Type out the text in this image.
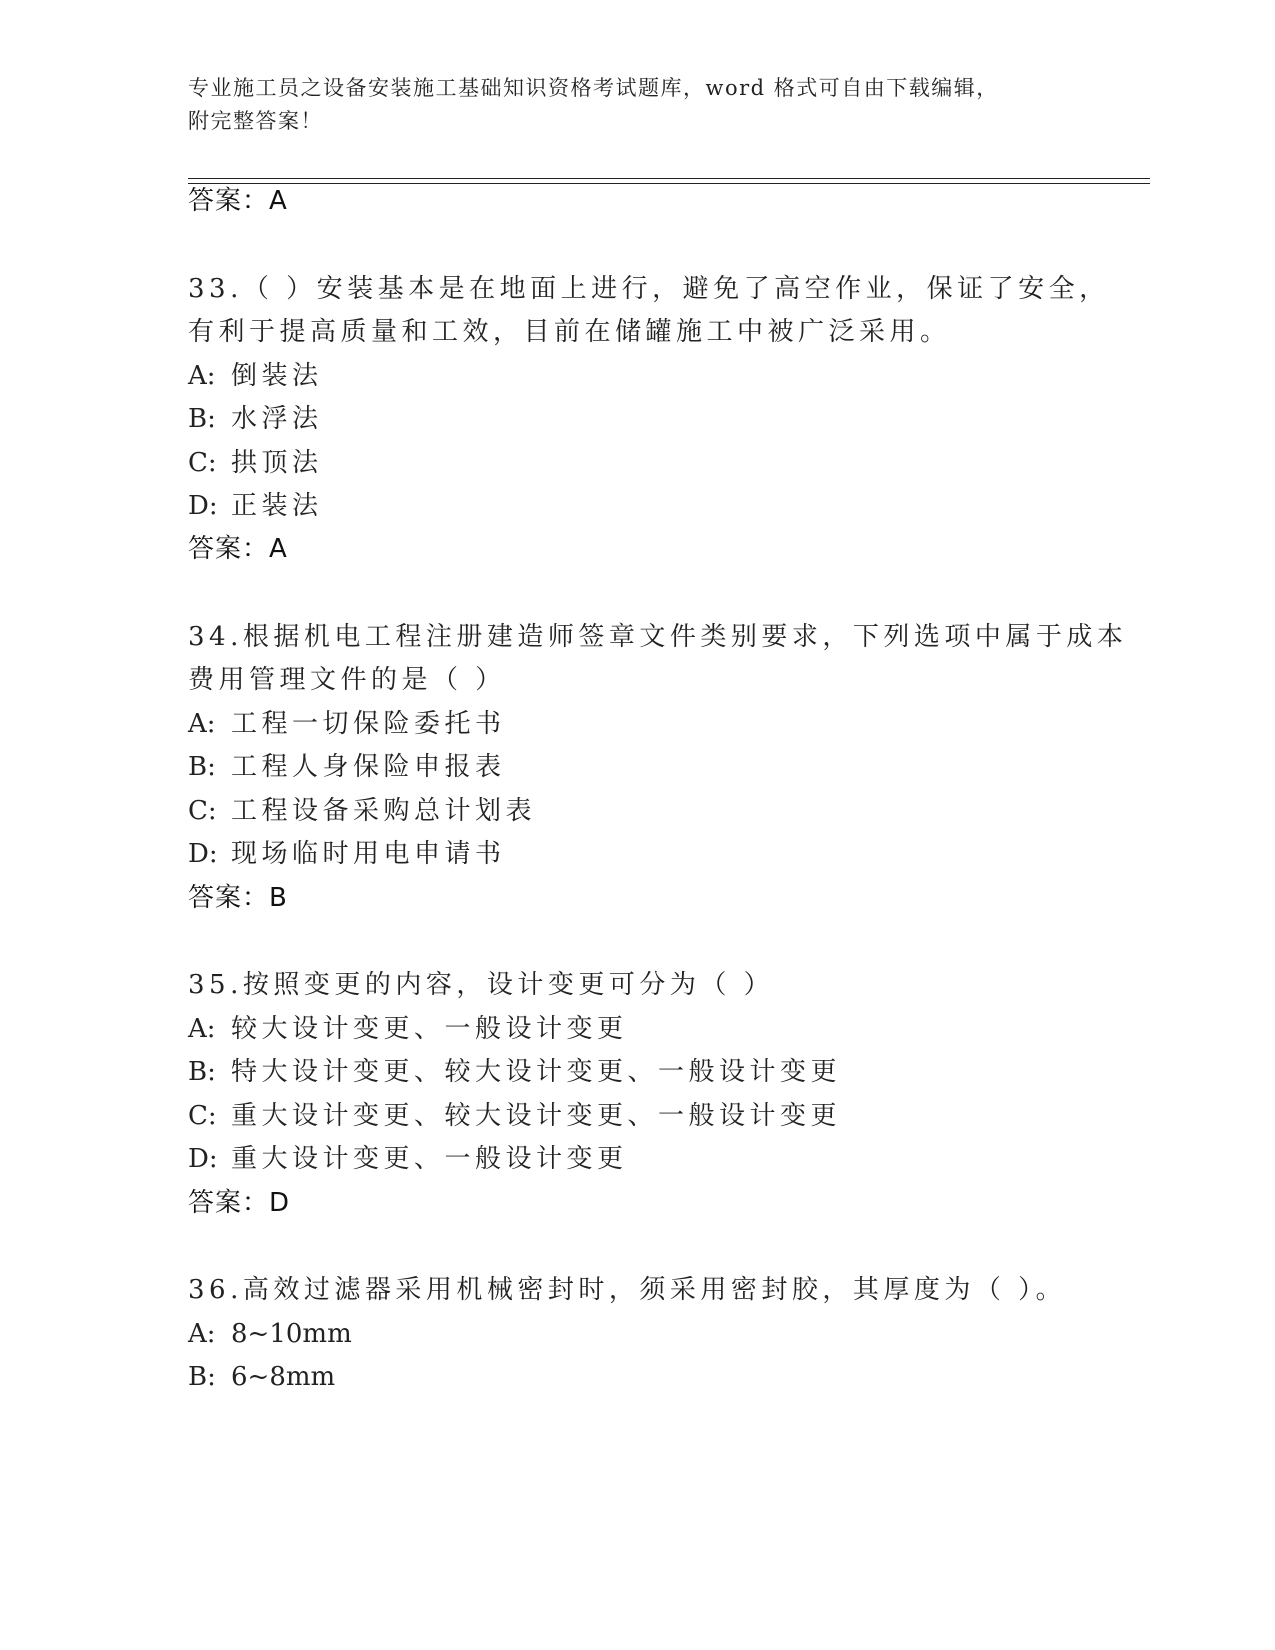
专业施工员之设备安装施工基础知识资格考试题库，word 格式可自由下载编辑，
附完整答案！
答案：A
33.（ ）安装基本是在地面上进行，避免了高空作业，保证了安全，
有利于提高质量和工效，目前在储罐施工中被广泛采用。
A: 倒装法
B: 水浮法
C: 拱顶法
D: 正装法
答案：A
34.根据机电工程注册建造师签章文件类别要求，下列选项中属于成本
费用管理文件的是（ ）
A: 工程一切保险委托书
B: 工程人身保险申报表
C: 工程设备采购总计划表
D: 现场临时用电申请书
答案：B
35.按照变更的内容，设计变更可分为（ ）
A: 较大设计变更、一般设计变更
B: 特大设计变更、较大设计变更、一般设计变更
C: 重大设计变更、较大设计变更、一般设计变更
D: 重大设计变更、一般设计变更
答案：D
36.高效过滤器采用机械密封时，须采用密封胶，其厚度为（ ）。
A: 8~10mm
B: 6~8mm
